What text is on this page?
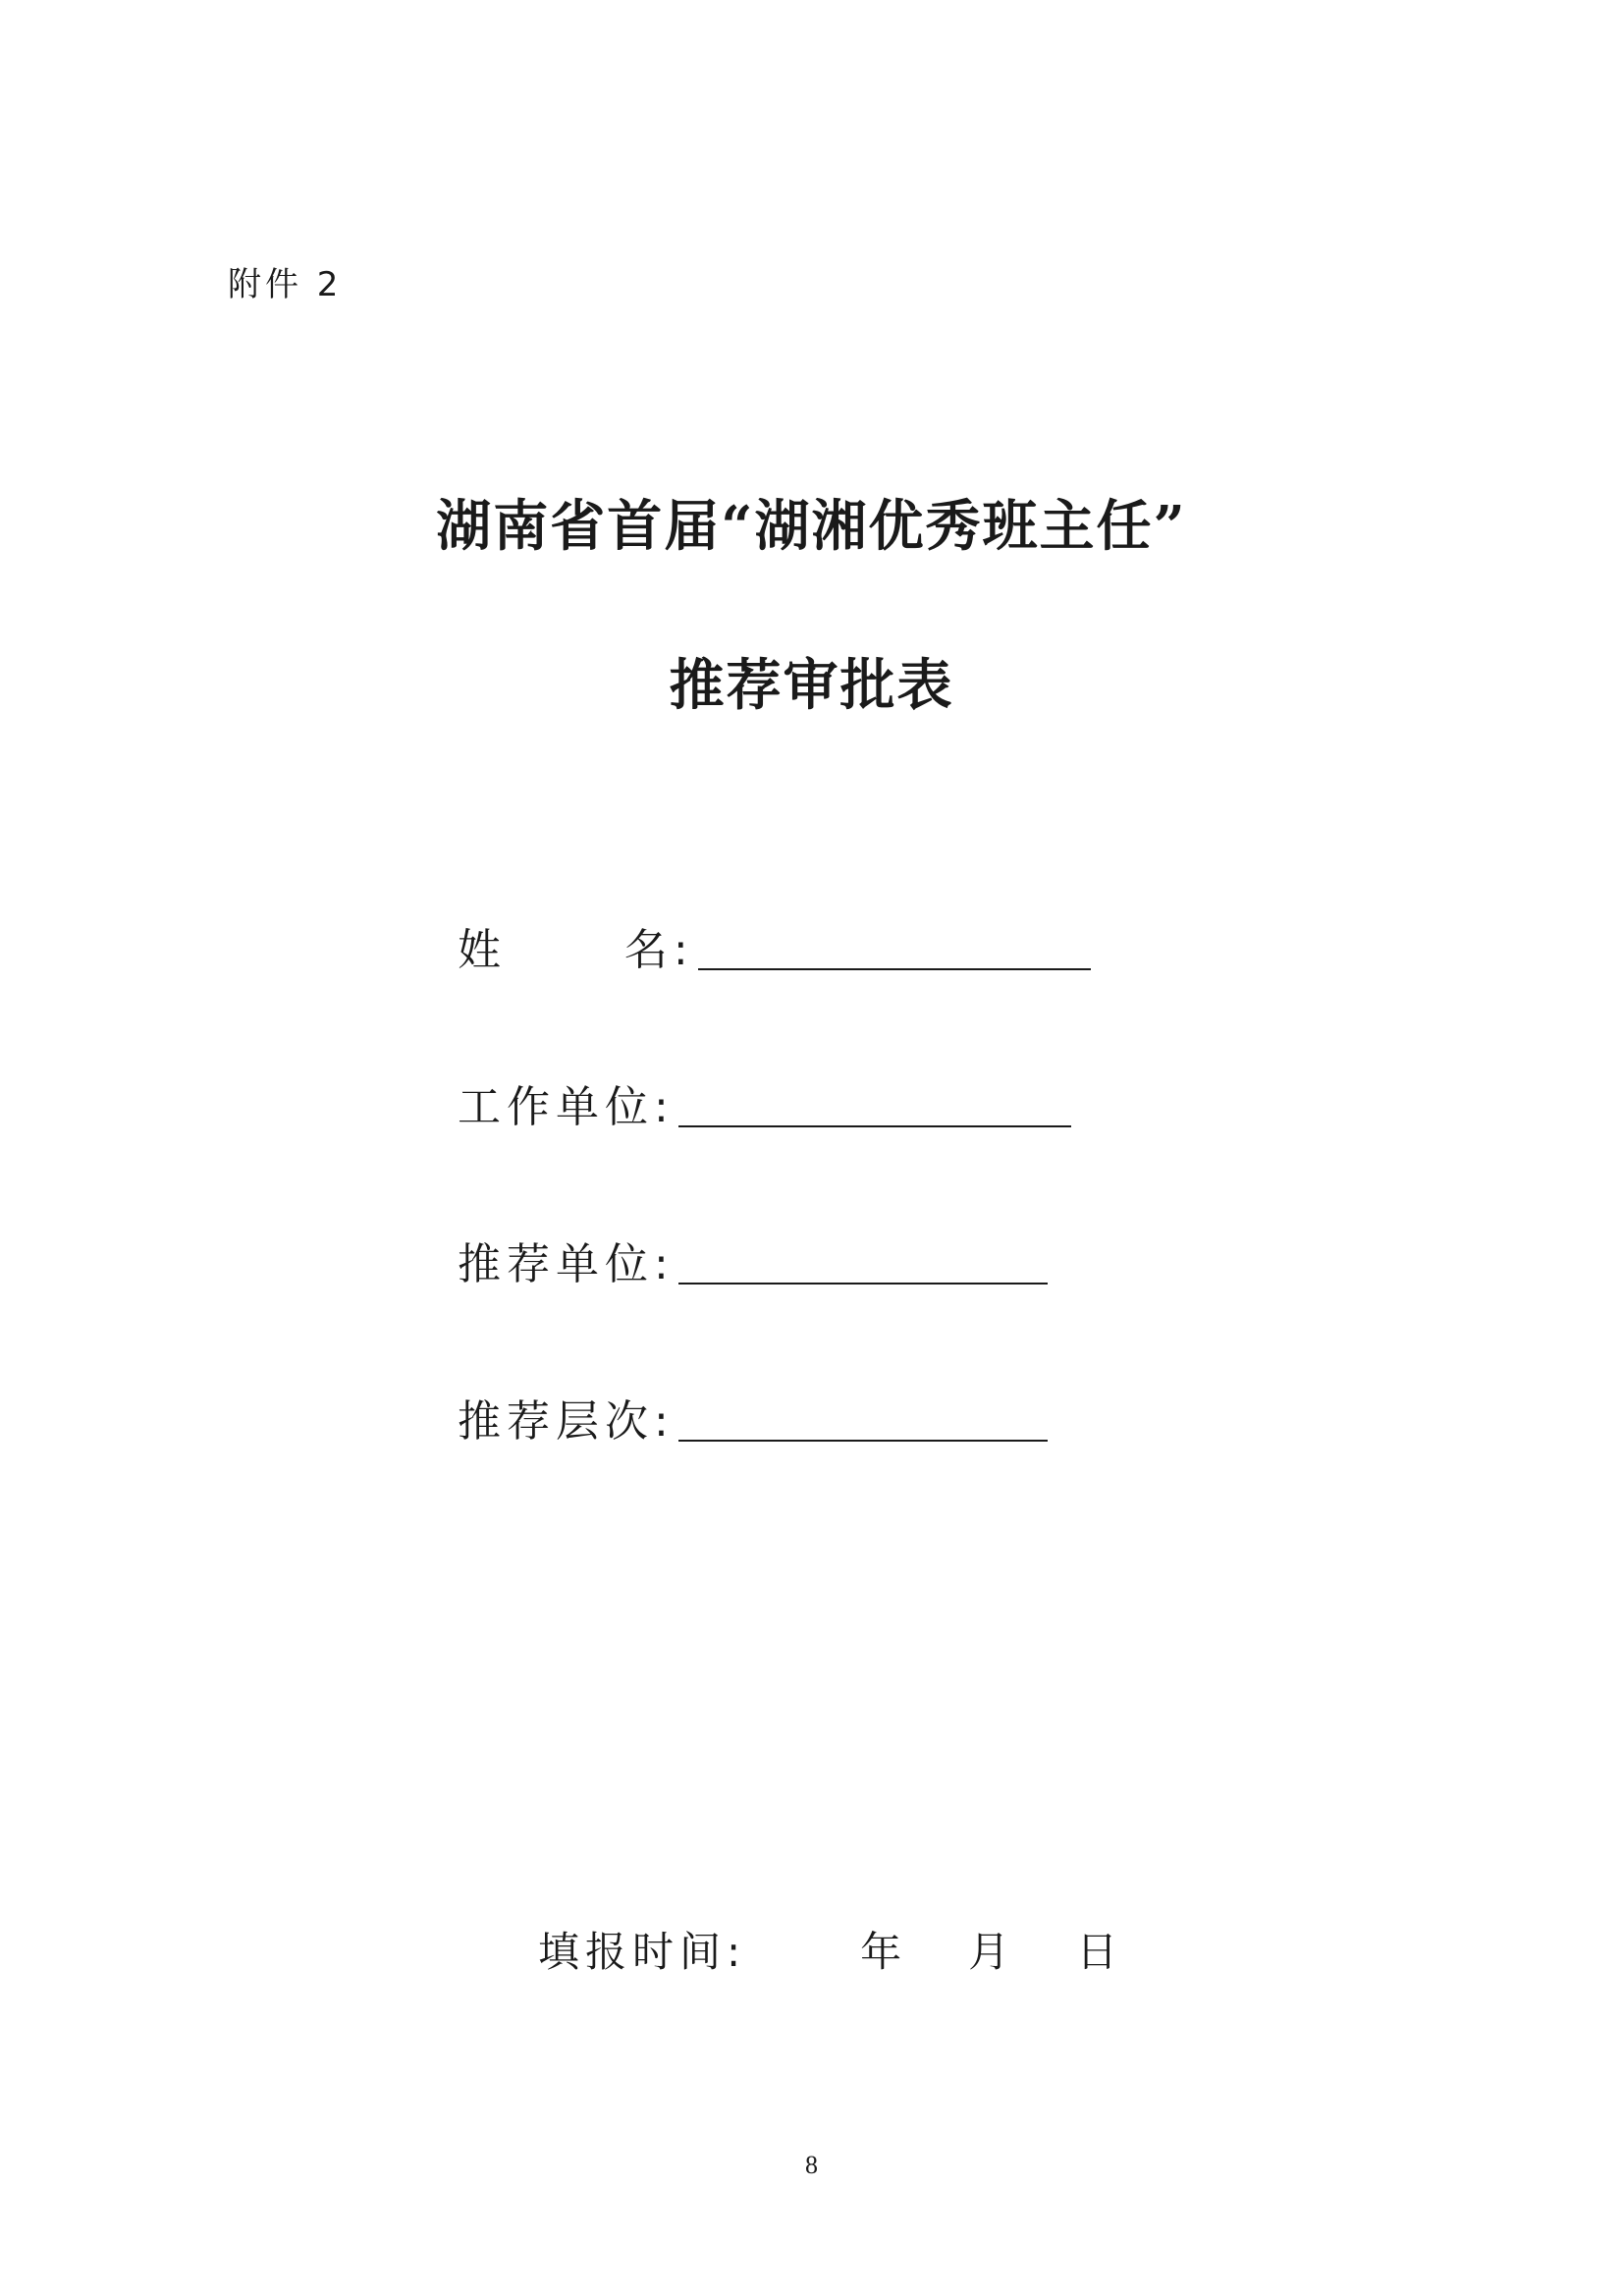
附件 2
湖南省首届“湖湘优秀班主任”
推荐审批表
姓      名:
工作单位:
推荐单位:
推荐层次:
填报时间:	年 月 日
8
